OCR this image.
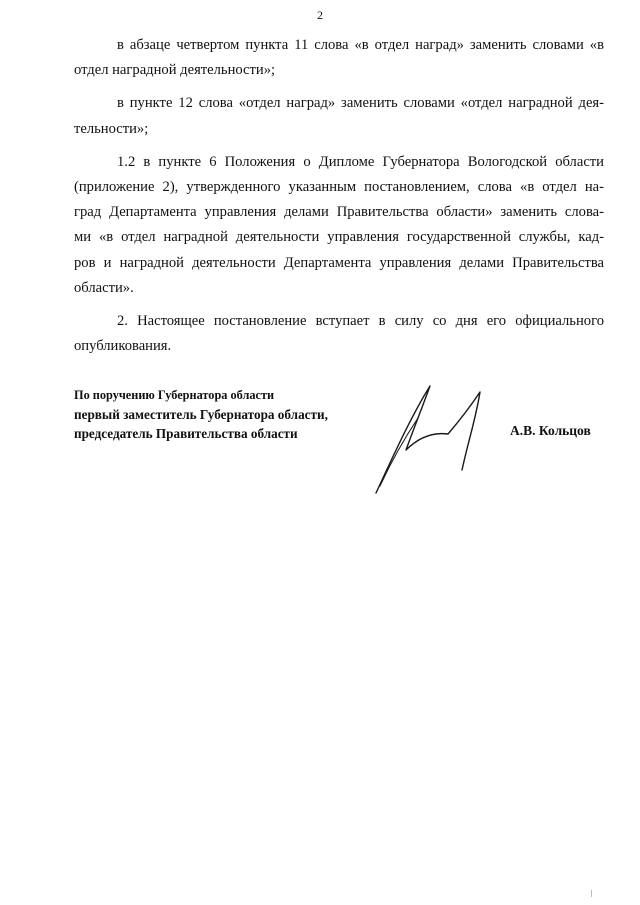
2
в абзаце четвертом пункта 11 слова «в отдел наград» заменить словами «в
отдел наградной деятельности»;
в пункте 12 слова «отдел наград» заменить словами «отдел наградной дея-
тельности»;
1.2 в пункте 6 Положения о Дипломе Губернатора Вологодской области
(приложение 2), утвержденного указанным постановлением, слова «в отдел на-
град Департамента управления делами Правительства области» заменить слова-
ми «в отдел наградной деятельности управления государственной службы, кад-
ров и наградной деятельности Департамента управления делами Правительства
области».
2. Настоящее постановление вступает в силу со дня его официального
опубликования.
По поручению Губернатора области
первый заместитель Губернатора области,
председатель Правительства области	А.В. Кольцов
